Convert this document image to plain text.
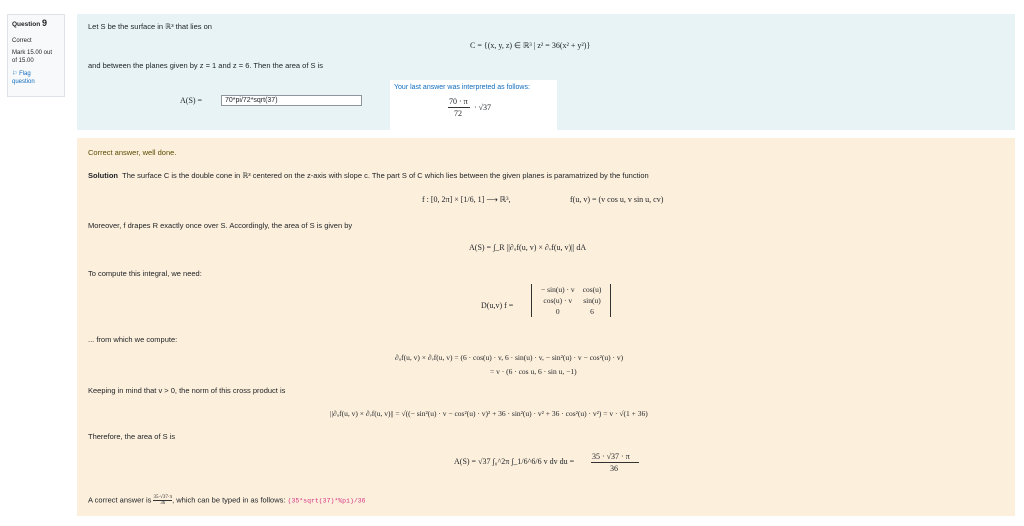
Question 9
Correct
Mark 15.00 out
of 15.00
⚐ Flag
question
Let S be the surface in ℝ³ that lies on
C = {(x, y, z) ∈ ℝ³ | z² = 36(x² + y²)}
and between the planes given by z = 1 and z = 6. Then the area of S is
A(S) =	70*pi/72*sqrt(37)
Your last answer was interpreted as follows:
70 · π
72
· √37
Correct answer, well done.
Solution The surface C is the double cone in ℝ³ centered on the z-axis with slope c. The part S of C which lies between the given planes is paramatrized by the function
f : [0, 2π] × [1/6, 1] ⟶ ℝ³,	f(u, v) = (v cos u, v sin u, cv)
Moreover, f drapes R exactly once over S. Accordingly, the area of S is given by
A(S) = ∫_R ||∂ᵤf(u, v) × ∂ᵥf(u, v)|| dA
To compute this integral, we need:
D(u,v) f =
− sin(u) · v	cos(u)
cos(u) · v	sin(u)
0	6
... from which we compute:
∂ᵤf(u, v) × ∂ᵥf(u, v) = (6 · cos(u) · v, 6 · sin(u) · v, − sin²(u) · v − cos²(u) · v)
= v · (6 · cos u, 6 · sin u, −1)
Keeping in mind that v > 0, the norm of this cross product is
||∂ᵤf(u, v) × ∂ᵥf(u, v)|| = √((− sin²(u) · v − cos²(u) · v)² + 36 · sin²(u) · v² + 36 · cos²(u) · v²) = v · √(1 + 36)
Therefore, the area of S is
A(S) = √37 ∫₀^2π ∫_1/6^6/6 v dv du =
35 · √37 · π
36
A correct answer is $\frac{35\cdot√37\cdot\pi}{36}$ , which can be typed in as follows: (35*sqrt(37)*%pi)/36
